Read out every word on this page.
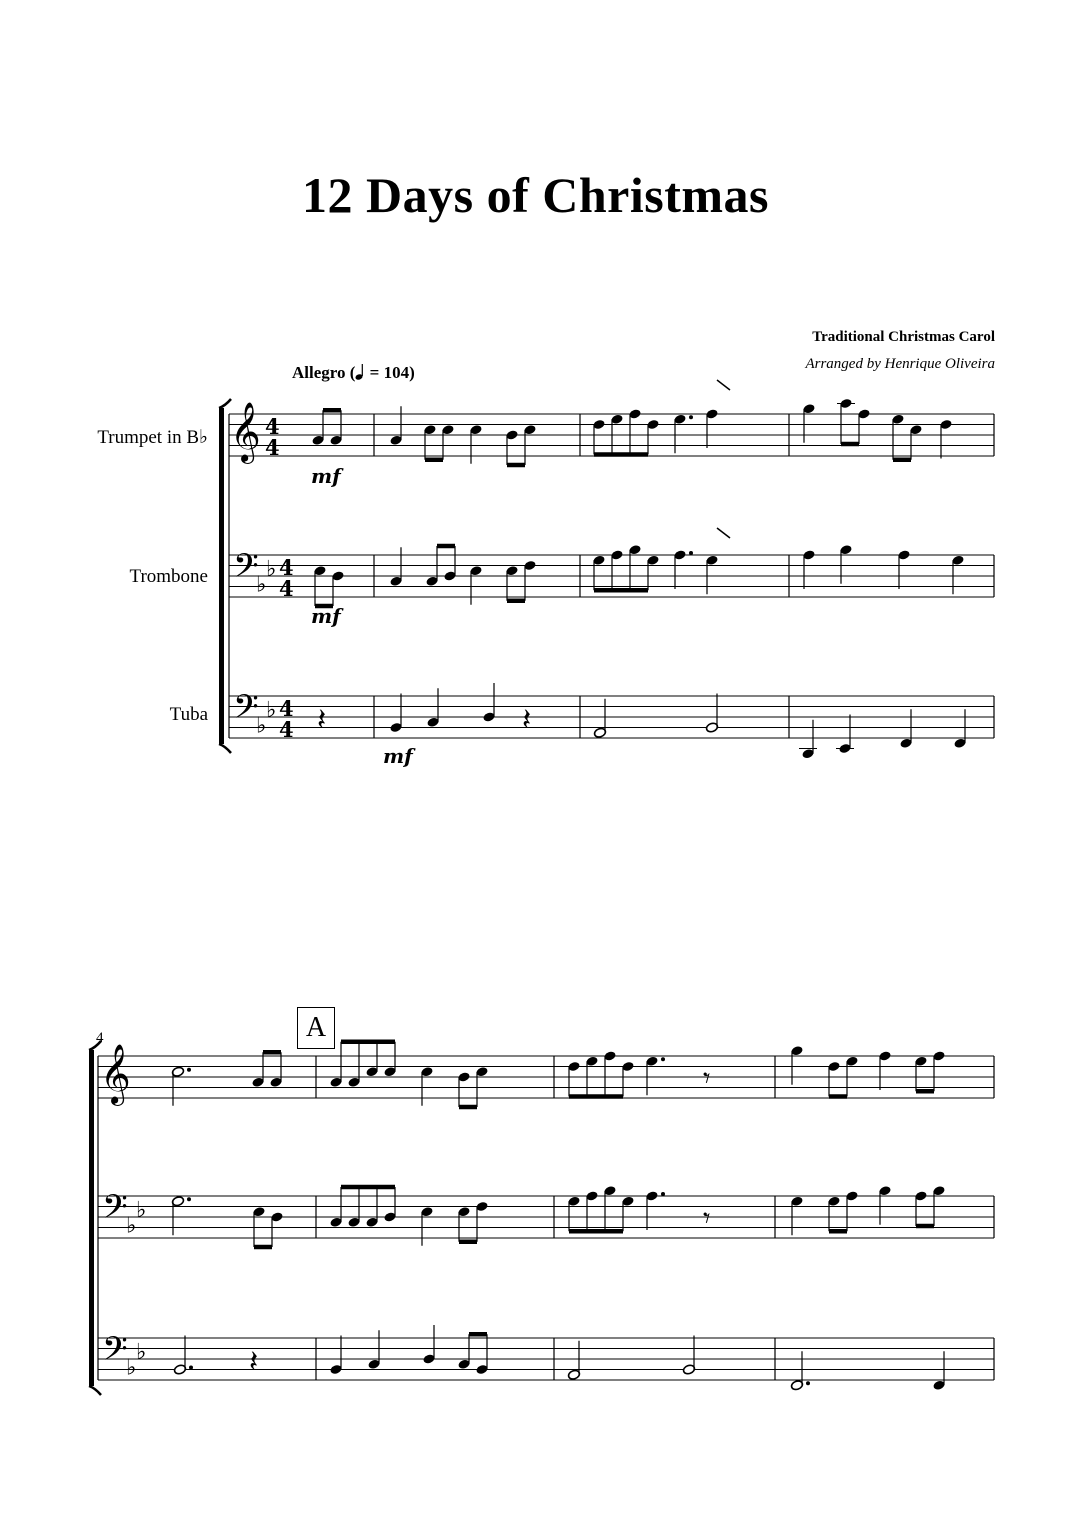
12 Days of Christmas
Traditional Christmas Carol
Arranged by Henrique Oliveira
Allegro ( = 104)
Trumpet in B♭
Trombone
Tuba
4	A
𝄞 4
4
𝄢
♭
♭ 4
4
𝄢
♭
♭ 4
4
mf
mf
𝄽
mf
𝄽
𝄞
𝄢
♭
♭
𝄢
♭
♭
𝄾
𝄾
𝄽
